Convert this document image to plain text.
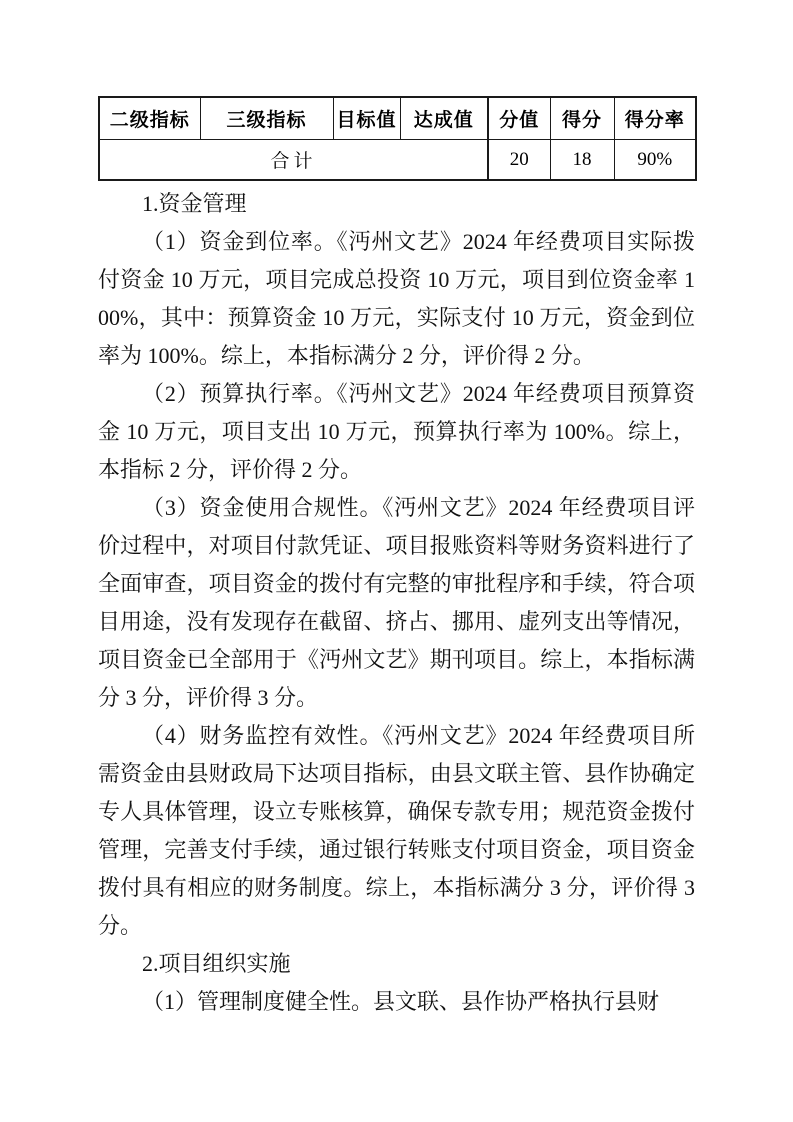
二级指标	三级指标	目标值	达成值	分值	得分	得分率
合计				20	18	90%

1.资金管理

（1）资金到位率。《沔州文艺》2024 年经费项目实际拨付资金 10 万元，项目完成总投资 10 万元，项目到位资金率 100%，其中：预算资金 10 万元，实际支付 10 万元，资金到位率为 100%。综上，本指标满分 2 分，评价得 2 分。

（2）预算执行率。《沔州文艺》2024 年经费项目预算资金 10 万元，项目支出 10 万元，预算执行率为 100%。综上，本指标 2 分，评价得 2 分。

（3）资金使用合规性。《沔州文艺》2024 年经费项目评价过程中，对项目付款凭证、项目报账资料等财务资料进行了全面审查，项目资金的拨付有完整的审批程序和手续，符合项目用途，没有发现存在截留、挤占、挪用、虚列支出等情况，项目资金已全部用于《沔州文艺》期刊项目。综上，本指标满分 3 分，评价得 3 分。

（4）财务监控有效性。《沔州文艺》2024 年经费项目所需资金由县财政局下达项目指标，由县文联主管、县作协确定专人具体管理，设立专账核算，确保专款专用；规范资金拨付管理，完善支付手续，通过银行转账支付项目资金，项目资金拨付具有相应的财务制度。综上，本指标满分 3 分，评价得 3 分。

2.项目组织实施

（1）管理制度健全性。县文联、县作协严格执行县财
